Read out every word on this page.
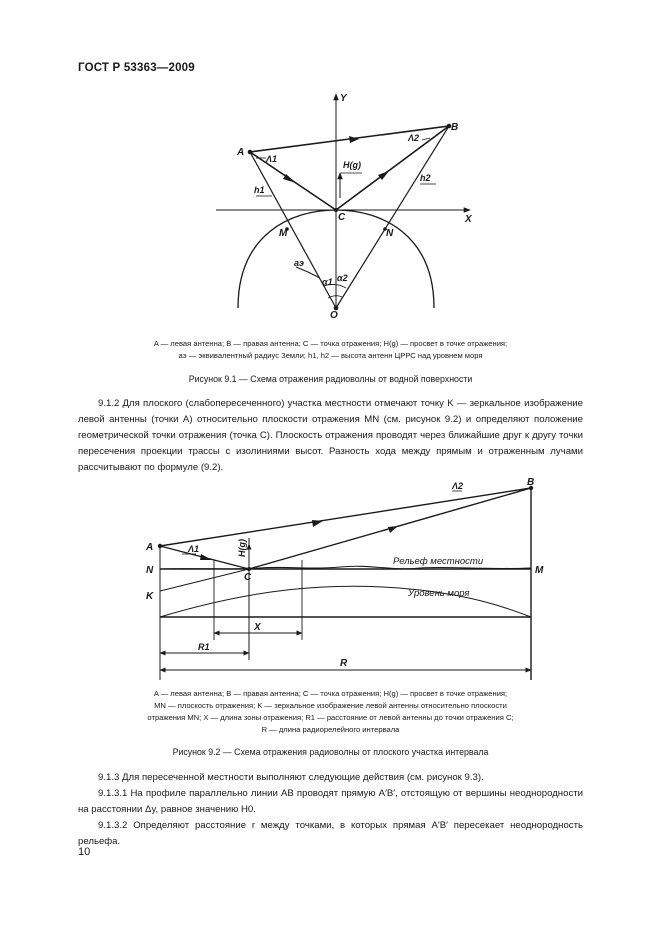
ГОСТ Р 53363—2009
Y
X
A
B
C
M	N
O
Λ1
Λ2
h1
h2
H(g)
aэ
α1 α2
A — левая антенна; B — правая антенна; C — точка отражения; H(g) — просвет в точке отражения;
aэ — эквивалентный радиус Земли; h1, h2 — высота антенн ЦРРС над уровнем моря
Рисунок 9.1 — Схема отражения радиоволны от водной поверхности

9.1.2 Для плоского (слабопересеченного) участка местности отмечают точку K — зеркальное изображение левой антенны (точки A) относительно плоскости отражения MN (см. рисунок 9.2) и определяют положение геометрической точки отражения (точка C). Плоскость отражения проводят через ближайшие друг к другу точки пересечения проекции трассы с изолиниями высот. Разность хода между прямым и отраженным лучами рассчитывают по формуле (9.2).

A
B
N	M
K
C
Λ1
Λ2
H(g)
Рельеф местности
Уровень моря
X
R1
R
A — левая антенна; B — правая антенна; C — точка отражения; H(g) — просвет в точке отражения;
MN — плоскость отражения; K — зеркальное изображение левой антенны относительно плоскости
отражения MN; X — длина зоны отражения; R1 — расстояние от левой антенны до точки отражения C;
R — длина радиорелейного интервала
Рисунок 9.2 — Схема отражения радиоволны от плоского участка интервала

9.1.3 Для пересеченной местности выполняют следующие действия (см. рисунок 9.3).

9.1.3.1 На профиле параллельно линии AB проводят прямую A′B′, отстоящую от вершины неоднородности на расстоянии Δy, равное значению H0.

9.1.3.2 Определяют расстояние r между точками, в которых прямая A′B′ пересекает неоднородность рельефа.

10
